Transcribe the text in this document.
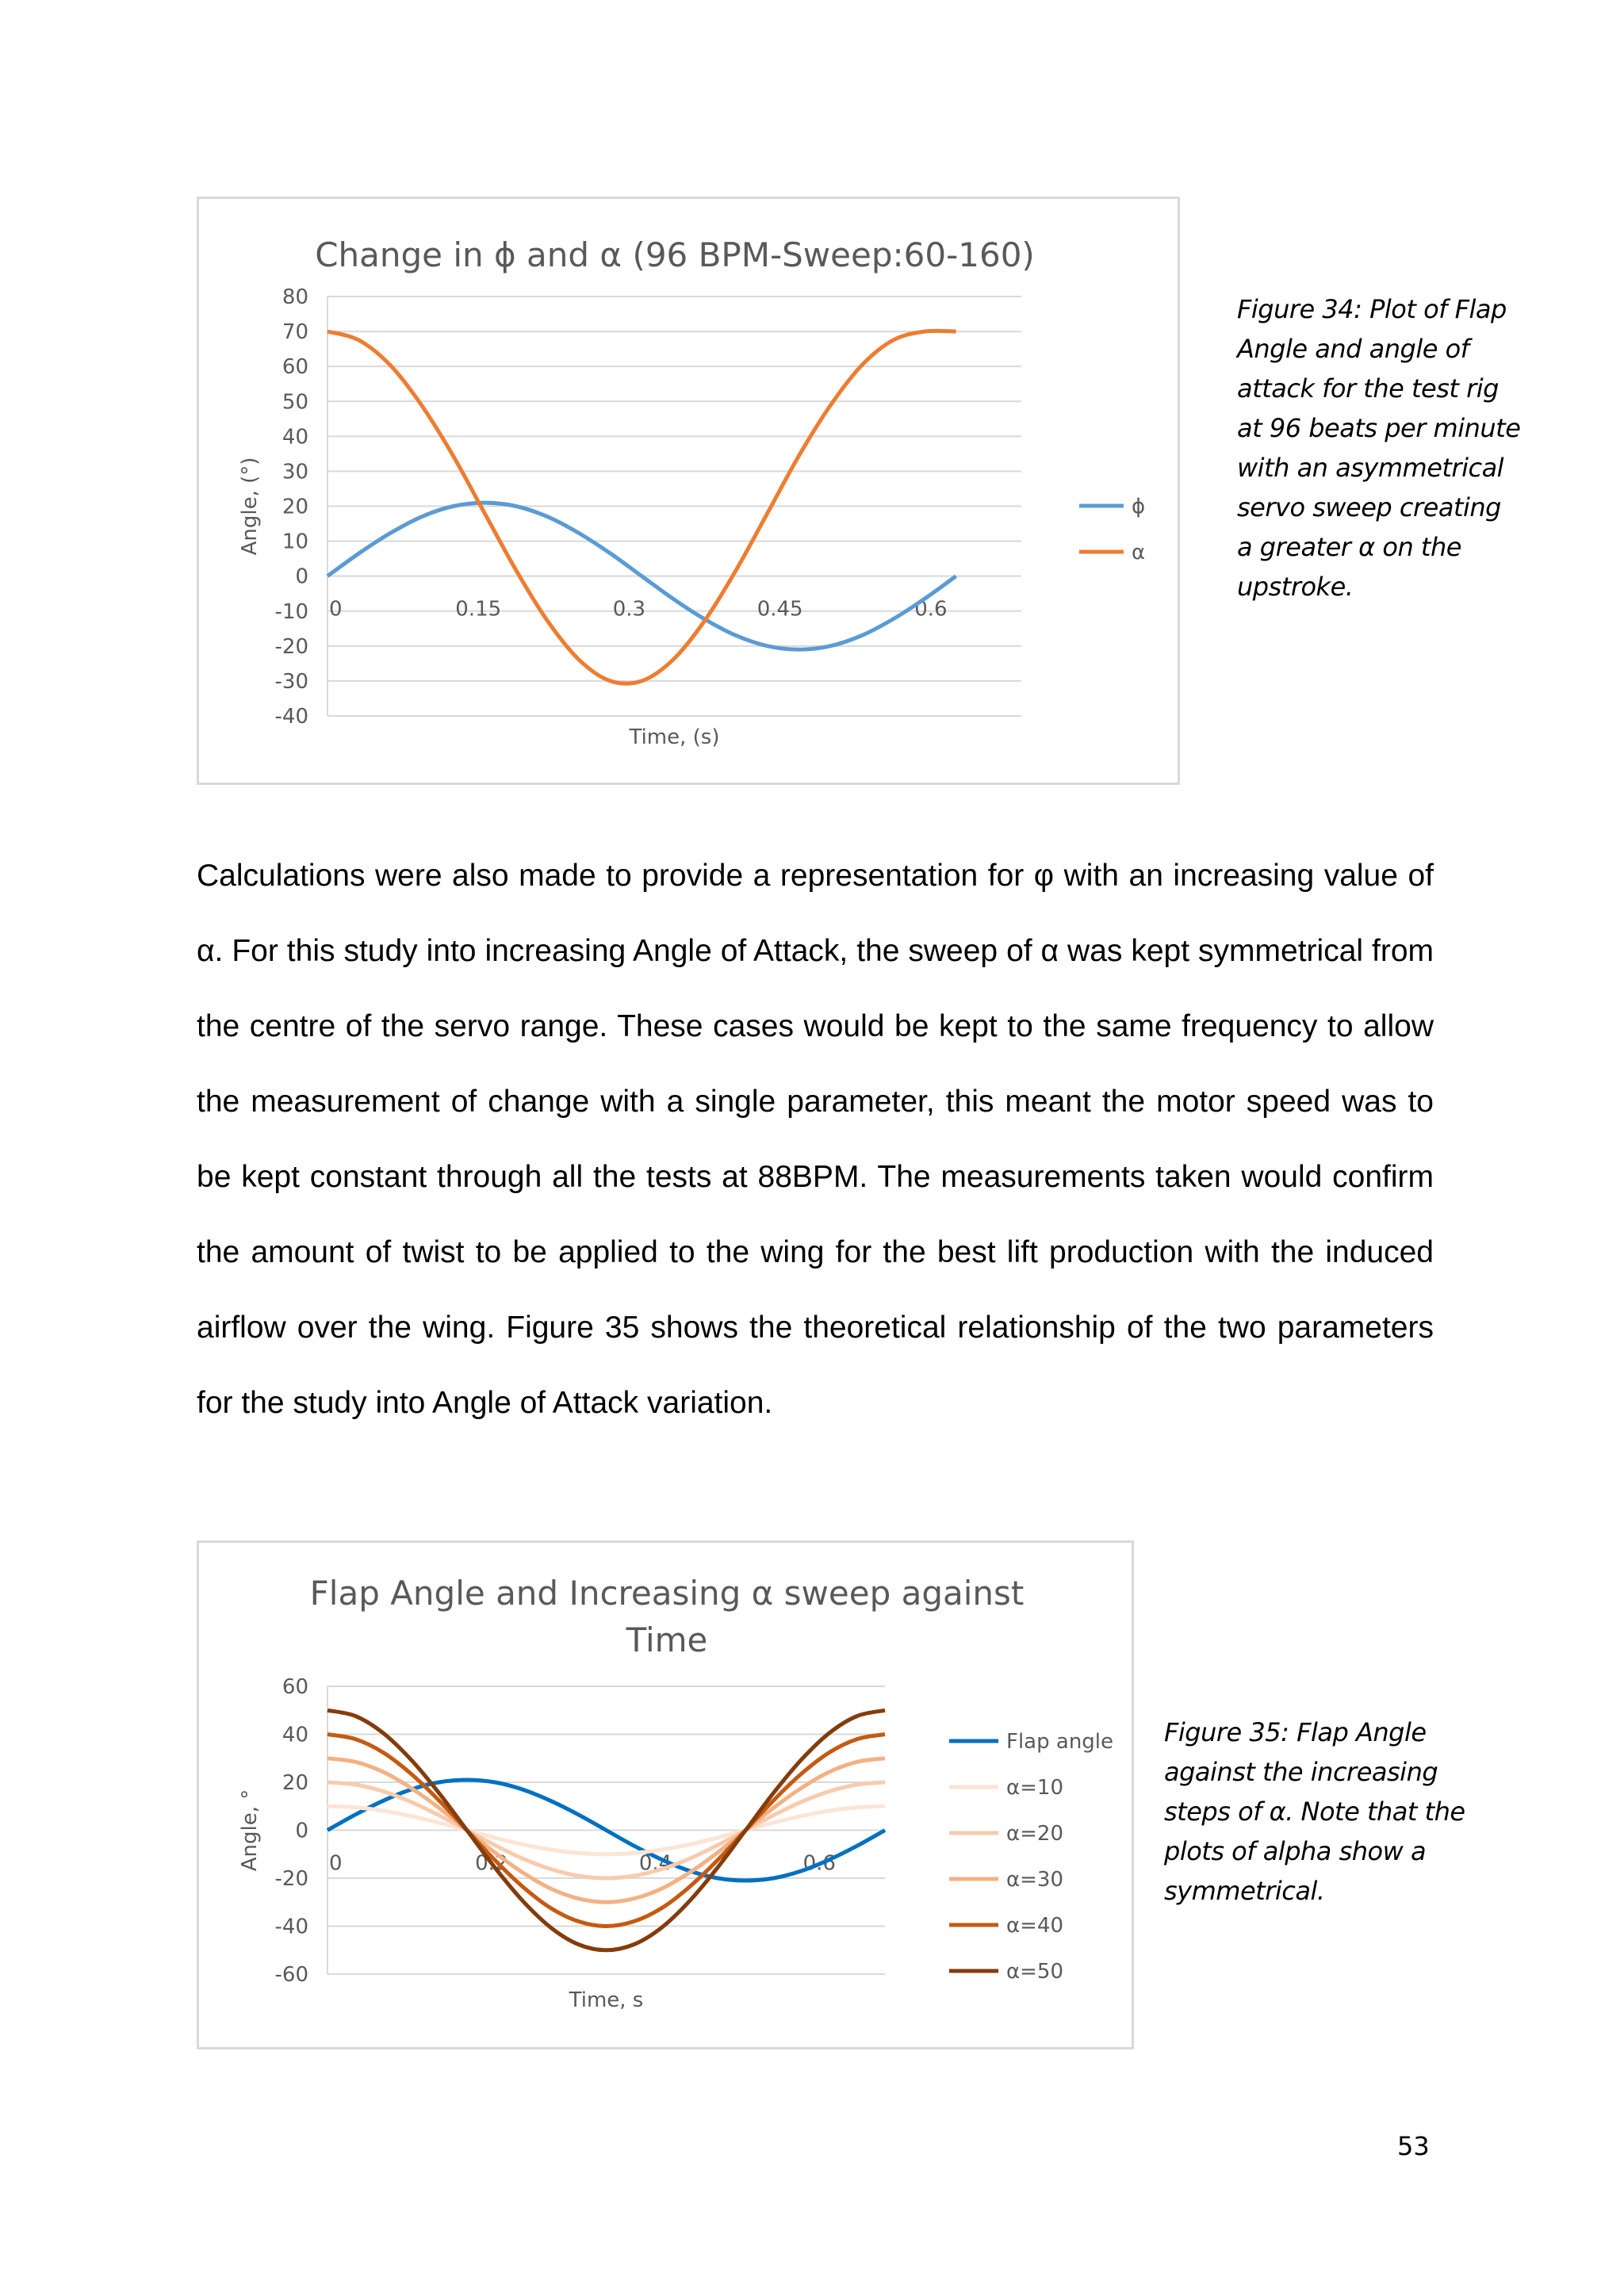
Change in ϕ and α (96 BPM-Sweep:60-160)
80
70
60
50
40
30
20
10
0
-10
-20
-30
-40
0	0.15	0.3	0.45	0.6
Time, (s)
Angle, (°)	ϕ
α
Figure 34: Plot of Flap Angle and angle of attack for the test rig at 96 beats per minute with an asymmetrical servo sweep creating a greater α on the upstroke.

Calculations were also made to provide a representation for φ with an increasing value of α. For this study into increasing Angle of Attack, the sweep of α was kept symmetrical from the centre of the servo range. These cases would be kept to the same frequency to allow the measurement of change with a single parameter, this meant the motor speed was to be kept constant through all the tests at 88BPM. The measurements taken would confirm the amount of twist to be applied to the wing for the best lift production with the induced airflow over the wing. Figure 35 shows the theoretical relationship of the two parameters for the study into Angle of Attack variation.

Flap Angle and Increasing α sweep against
Time
60
40
20
0
-20
-40
-60
0	0.2	0.4	0.6
Time, s
Angle, °
Flap angle
α=10
α=20
α=30
α=40
α=50
Figure 35: Flap Angle against the increasing steps of α. Note that the plots of alpha show a symmetrical.
53
